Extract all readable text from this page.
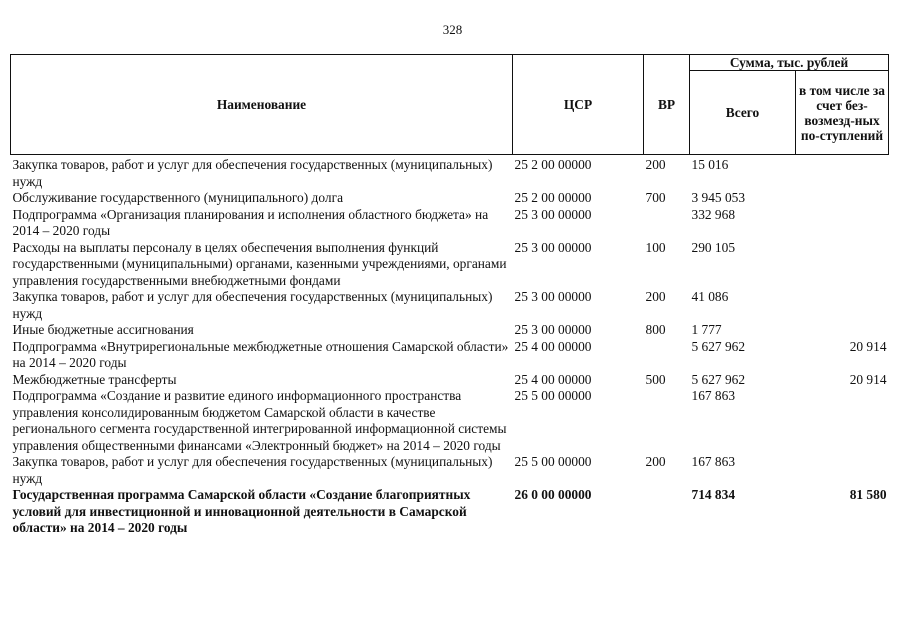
328
Наименование	ЦСР	ВР	Сумма, тыс. рублей	
			Всего	в том числе за счет без-возмезд-ных по-ступлений
Закупка товаров, работ и услуг для обеспечения государственных (муниципальных) нужд	25 2 00 00000	200	15 016	
Обслуживание государственного (муниципального) долга	25 2 00 00000	700	3 945 053	
Подпрограмма «Организация планирования и исполнения областного бюджета» на 2014 – 2020 годы	25 3 00 00000		332 968	
Расходы на выплаты персоналу в целях обеспечения выполнения функций государственными (муниципальными) органами, казенными учреждениями, органами управления государственными внебюджетными фондами	25 3 00 00000	100	290 105	
Закупка товаров, работ и услуг для обеспечения государственных (муниципальных) нужд	25 3 00 00000	200	41 086	
Иные бюджетные ассигнования	25 3 00 00000	800	1 777	
Подпрограмма «Внутрирегиональные межбюджетные отношения Самарской области» на 2014 – 2020 годы	25 4 00 00000		5 627 962	20 914
Межбюджетные трансферты	25 4 00 00000	500	5 627 962	20 914
Подпрограмма «Создание и развитие единого информационного пространства управления консолидированным бюджетом Самарской области в качестве регионального сегмента государственной интегрированной информационной системы управления общественными финансами «Электронный бюджет» на 2014 – 2020 годы	25 5 00 00000		167 863	
Закупка товаров, работ и услуг для обеспечения государственных (муниципальных) нужд	25 5 00 00000	200	167 863	
Государственная программа Самарской области «Создание благоприятных условий для инвестиционной и инновационной деятельности в Самарской области» на 2014 – 2020 годы	26 0 00 00000		714 834	81 580
